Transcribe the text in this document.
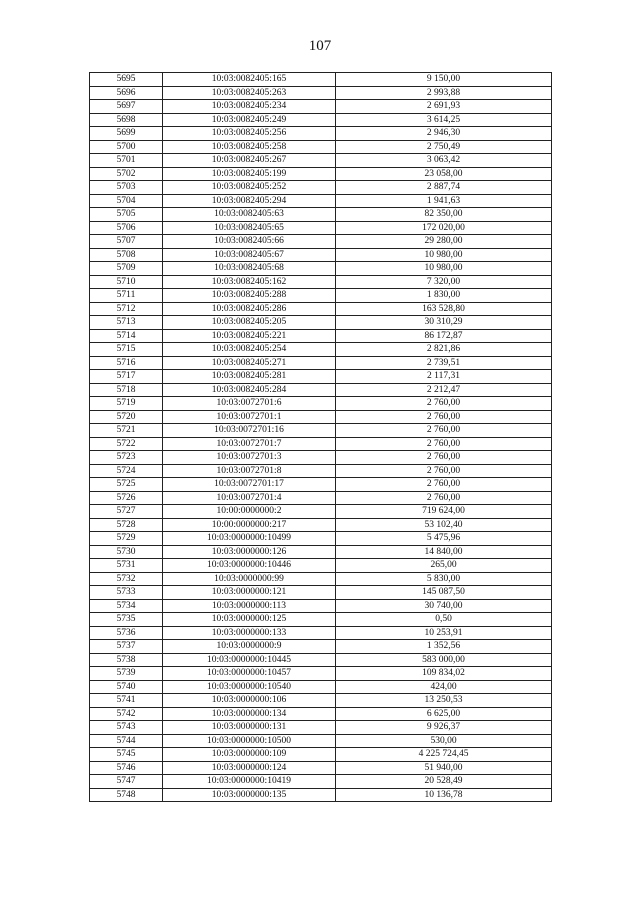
107
5695	10:03:0082405:165	9 150,00
5696	10:03:0082405:263	2 993,88
5697	10:03:0082405:234	2 691,93
5698	10:03:0082405:249	3 614,25
5699	10:03:0082405:256	2 946,30
5700	10:03:0082405:258	2 750,49
5701	10:03:0082405:267	3 063,42
5702	10:03:0082405:199	23 058,00
5703	10:03:0082405:252	2 887,74
5704	10:03:0082405:294	1 941,63
5705	10:03:0082405:63	82 350,00
5706	10:03:0082405:65	172 020,00
5707	10:03:0082405:66	29 280,00
5708	10:03:0082405:67	10 980,00
5709	10:03:0082405:68	10 980,00
5710	10:03:0082405:162	7 320,00
5711	10:03:0082405:288	1 830,00
5712	10:03:0082405:286	163 528,80
5713	10:03:0082405:205	30 310,29
5714	10:03:0082405:221	86 172,87
5715	10:03:0082405:254	2 821,86
5716	10:03:0082405:271	2 739,51
5717	10:03:0082405:281	2 117,31
5718	10:03:0082405:284	2 212,47
5719	10:03:0072701:6	2 760,00
5720	10:03:0072701:1	2 760,00
5721	10:03:0072701:16	2 760,00
5722	10:03:0072701:7	2 760,00
5723	10:03:0072701:3	2 760,00
5724	10:03:0072701:8	2 760,00
5725	10:03:0072701:17	2 760,00
5726	10:03:0072701:4	2 760,00
5727	10:00:0000000:2	719 624,00
5728	10:00:0000000:217	53 102,40
5729	10:03:0000000:10499	5 475,96
5730	10:03:0000000:126	14 840,00
5731	10:03:0000000:10446	265,00
5732	10:03:0000000:99	5 830,00
5733	10:03:0000000:121	145 087,50
5734	10:03:0000000:113	30 740,00
5735	10:03:0000000:125	0,50
5736	10:03:0000000:133	10 253,91
5737	10:03:0000000:9	1 352,56
5738	10:03:0000000:10445	583 000,00
5739	10:03:0000000:10457	109 834,02
5740	10:03:0000000:10540	424,00
5741	10:03:0000000:106	13 250,53
5742	10:03:0000000:134	6 625,00
5743	10:03:0000000:131	9 926,37
5744	10:03:0000000:10500	530,00
5745	10:03:0000000:109	4 225 724,45
5746	10:03:0000000:124	51 940,00
5747	10:03:0000000:10419	20 528,49
5748	10:03:0000000:135	10 136,78
